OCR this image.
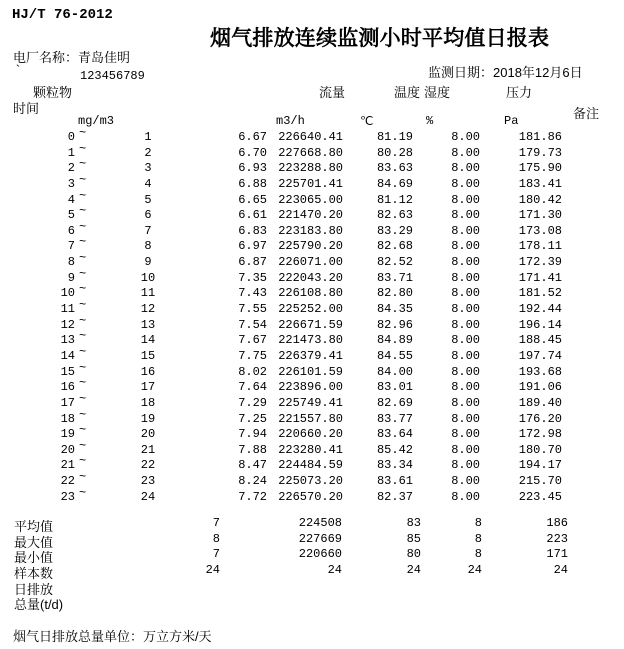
HJ/T 76-2012
烟气排放连续监测小时平均值日报表
电厂名称：青岛佳明
`	123456789	监测日期：2018年12月6日
颗粒物	流量	温度 湿度	压力
时间	备注
mg/m3	m3/h	℃	%	Pa
0 ~	1	6.67 226640.41	81.19	8.00	181.86
1 ~	2	6.70 227668.80	80.28	8.00	179.73
2 ~	3	6.93 223288.80	83.63	8.00	175.90
3 ~	4	6.88 225701.41	84.69	8.00	183.41
4 ~	5	6.65 223065.00	81.12	8.00	180.42
5 ~	6	6.61 221470.20	82.63	8.00	171.30
6 ~	7	6.83 223183.80	83.29	8.00	173.08
7 ~	8	6.97 225790.20	82.68	8.00	178.11
8 ~	9	6.87 226071.00	82.52	8.00	172.39
9 ~	10	7.35 222043.20	83.71	8.00	171.41
10 ~	11	7.43 226108.80	82.80	8.00	181.52
11 ~	12	7.55 225252.00	84.35	8.00	192.44
12 ~	13	7.54 226671.59	82.96	8.00	196.14
13 ~	14	7.67 221473.80	84.89	8.00	188.45
14 ~	15	7.75 226379.41	84.55	8.00	197.74
15 ~	16	8.02 226101.59	84.00	8.00	193.68
16 ~	17	7.64 223896.00	83.01	8.00	191.06
17 ~	18	7.29 225749.41	82.69	8.00	189.40
18 ~	19	7.25 221557.80	83.77	8.00	176.20
19 ~	20	7.94 220660.20	83.64	8.00	172.98
20 ~	21	7.88 223280.41	85.42	8.00	180.70
21 ~	22	8.47 224484.59	83.34	8.00	194.17
22 ~	23	8.24 225073.20	83.61	8.00	215.70
23 ~	24	7.72 226570.20	82.37	8.00	223.45
平均值	7	224508	83	8	186
最大值	8	227669	85	8	223
最小值	7	220660	80	8	171
样本数	24	24	24	24	24
日排放
总量(t/d)
烟气日排放总量单位：万立方米/天
